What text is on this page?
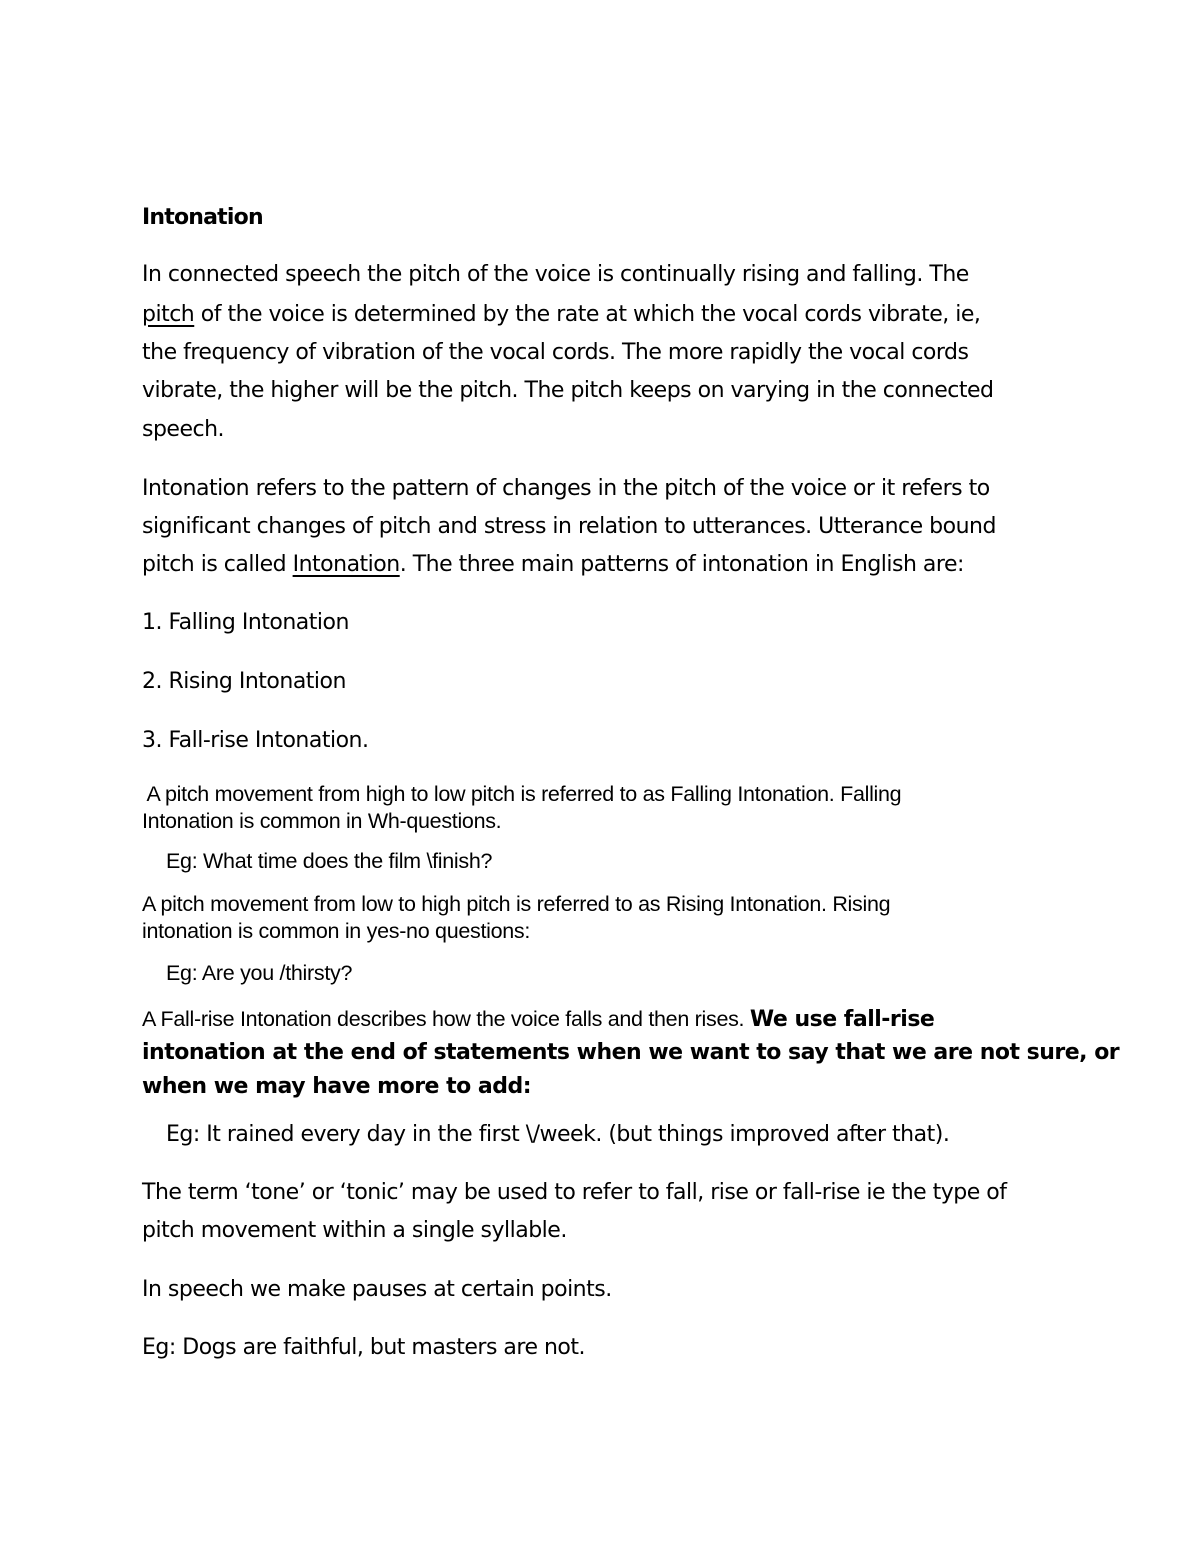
Intonation
In connected speech the pitch of the voice is continually rising and falling. The
pitch of the voice is determined by the rate at which the vocal cords vibrate, ie,
the frequency of vibration of the vocal cords. The more rapidly the vocal cords
vibrate, the higher will be the pitch. The pitch keeps on varying in the connected
speech.
Intonation refers to the pattern of changes in the pitch of the voice or it refers to
significant changes of pitch and stress in relation to utterances. Utterance bound
pitch is called Intonation. The three main patterns of intonation in English are:
1. Falling Intonation
2. Rising Intonation
3. Fall-rise Intonation.
A pitch movement from high to low pitch is referred to as Falling Intonation. Falling
Intonation is common in Wh-questions.
Eg: What time does the film \finish?
A pitch movement from low to high pitch is referred to as Rising Intonation. Rising
intonation is common in yes-no questions:
Eg: Are you /thirsty?
A Fall-rise Intonation describes how the voice falls and then rises. We use fall-rise
intonation at the end of statements when we want to say that we are not sure, or
when we may have more to add:
Eg: It rained every day in the first \/week. (but things improved after that).
The term ‘tone’ or ‘tonic’ may be used to refer to fall, rise or fall-rise ie the type of
pitch movement within a single syllable.
In speech we make pauses at certain points.
Eg: Dogs are faithful, but masters are not.
